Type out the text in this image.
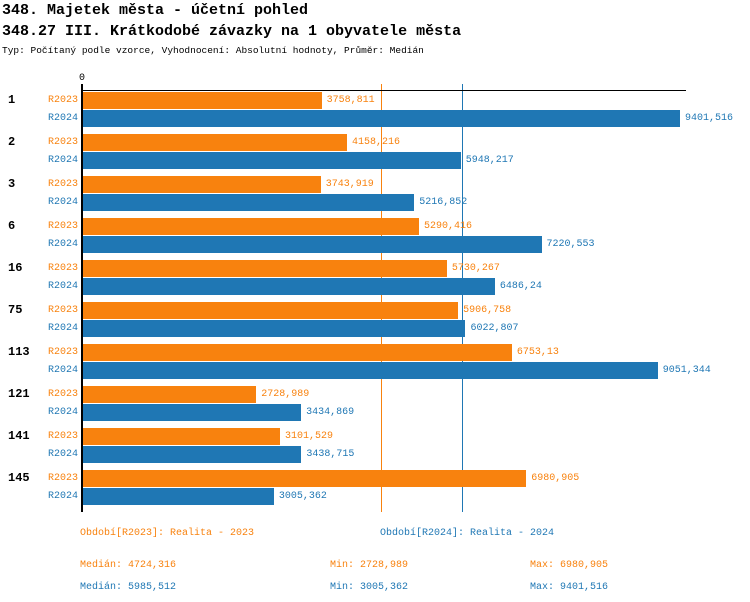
348. Majetek města - účetní pohled
348.27 III. Krátkodobé závazky na 1 obyvatele města
Typ: Počítaný podle vzorce, Vyhodnocení: Absolutní hodnoty, Průměr: Medián
0
1	R2023	3758,811
R2024	9401,516
2	R2023	4158,216
R2024	5948,217
3	R2023	3743,919
R2024	5216,852
6	R2023	5290,416
R2024	7220,553
16	R2023	5730,267
R2024	6486,24
75	R2023	5906,758
R2024	6022,807
113	R2023	6753,13
R2024	9051,344
121	R2023	2728,989
R2024	3434,869
141	R2023	3101,529
R2024	3438,715
145	R2023	6980,905
R2024	3005,362
Období[R2023]: Realita - 2023	Období[R2024]: Realita - 2024
Medián: 4724,316	Min: 2728,989	Max: 6980,905
Medián: 5985,512	Min: 3005,362	Max: 9401,516
